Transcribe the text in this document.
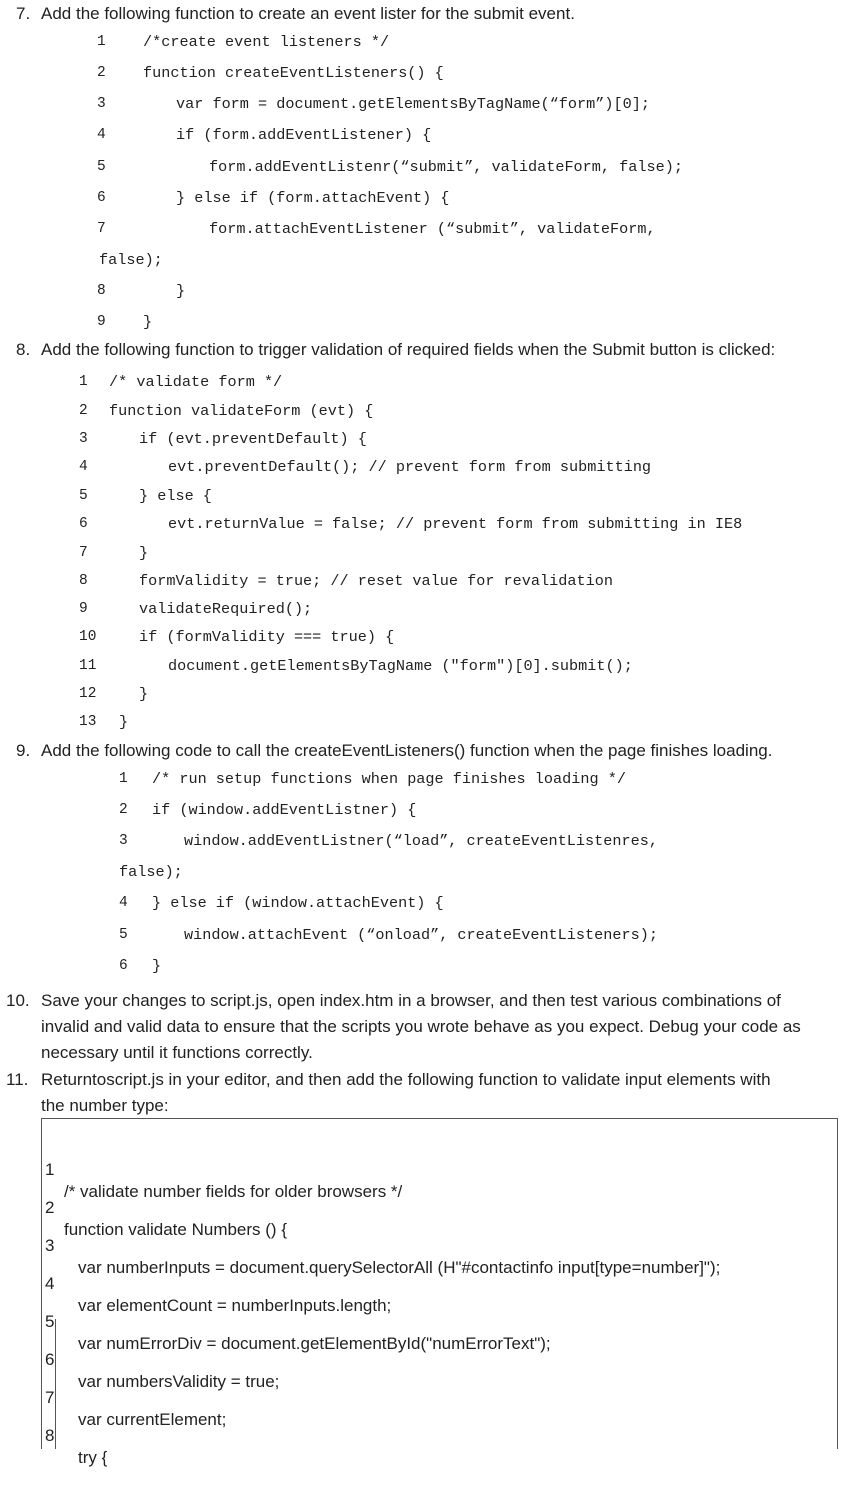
7. Add the following function to create an event lister for the submit event.
1 /*create event listeners */
2 function createEventListeners() {
3	var form = document.getElementsByTagName(“form”)[0];
4	if (form.addEventListener) {
5	form.addEventListenr(“submit”, validateForm, false);
6	} else if (form.attachEvent) {
7	form.attachEventListener (“submit”, validateForm,
false);
8	}
9 }
8. Add the following function to trigger validation of required fields when the Submit button is clicked:
1 /* validate form */
2 function validateForm (evt) {
3	if (evt.preventDefault) {
4	evt.preventDefault(); // prevent form from submitting
5	} else {
6	evt.returnValue = false; // prevent form from submitting in IE8
7	}
8	formValidity = true; // reset value for revalidation
9	validateRequired();
10	if (formValidity === true) {
11	document.getElementsByTagName ("form")[0].submit();
12	}
13 }
9. Add the following code to call the createEventListeners() function when the page finishes loading.
1 /* run setup functions when page finishes loading */
2 if (window.addEventListner) {
3	window.addEventListner(“load”, createEventListenres,
false);
4 } else if (window.attachEvent) {
5	window.attachEvent (“onload”, createEventListeners);
6 }
10. Save your changes to script.js, open index.htm in a browser, and then test various combinations of
invalid and valid data to ensure that the scripts you wrote behave as you expect. Debug your code as
necessary until it functions correctly.
11. Returntoscript.js in your editor, and then add the following function to validate input elements with
the number type:

1

/* validate number fields for older browsers */

2

function validate Numbers () {

3

var numberInputs = document.querySelectorAll (H"#contactinfo input[type=number]");

4

var elementCount = numberInputs.length;

5

var numErrorDiv = document.getElementById("numErrorText");

6

var numbersValidity = true;

7

var currentElement;

8

try {
